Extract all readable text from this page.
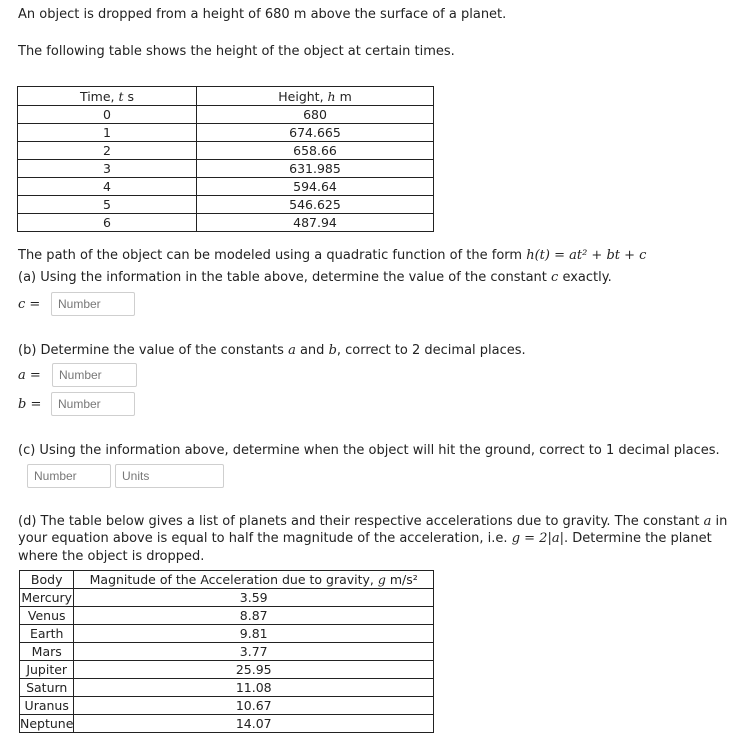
An object is dropped from a height of 680 m above the surface of a planet.
The following table shows the height of the object at certain times.
Time, t s	Height, h m
0	680
1	674.665
2	658.66
3	631.985
4	594.64
5	546.625
6	487.94
The path of the object can be modeled using a quadratic function of the form h(t) = at² + bt + c
(a) Using the information in the table above, determine the value of the constant c exactly.
c =
Number
(b) Determine the value of the constants a and b, correct to 2 decimal places.
a =
Number
b =
Number
(c) Using the information above, determine when the object will hit the ground, correct to 1 decimal places.
Number
Units
(d) The table below gives a list of planets and their respective accelerations due to gravity. The constant a in
your equation above is equal to half the magnitude of the acceleration, i.e. g = 2|a|. Determine the planet
where the object is dropped.
Body	Magnitude of the Acceleration due to gravity, g m/s²
Mercury	3.59
Venus	8.87
Earth	9.81
Mars	3.77
Jupiter	25.95
Saturn	11.08
Uranus	10.67
Neptune	14.07
